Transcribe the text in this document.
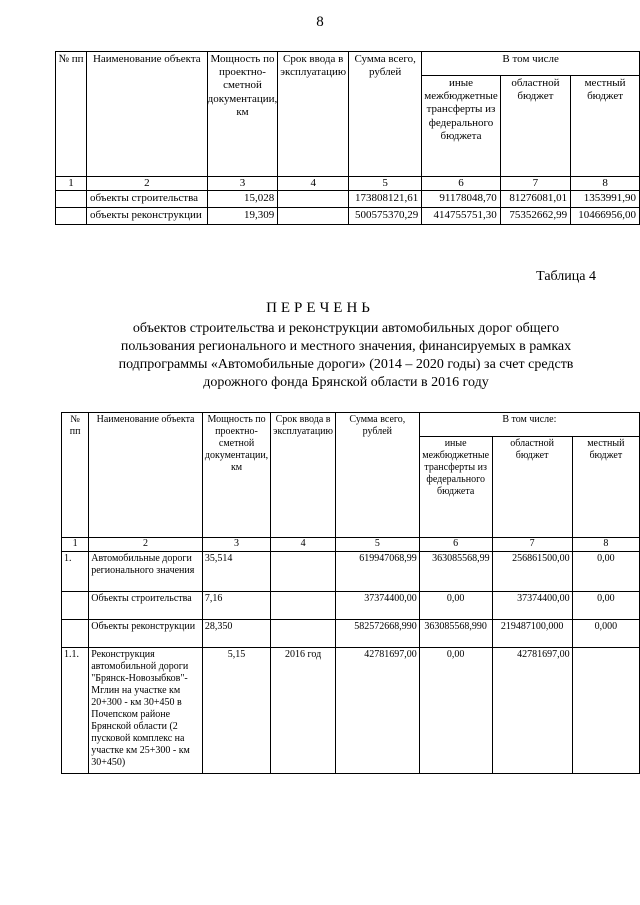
8
№ пп	Наименование объекта	Мощность по проектно-сметной документации, км	Срок ввода в эксплуатацию	Сумма всего, рублей	В том числе		
					иные межбюджетные трансферты из федерального бюджета	областной бюджет	местный бюджет
1	2	3	4	5	6	7	8
	объекты строительства	15,028		173808121,61	91178048,70	81276081,01	1353991,90
	объекты реконструкции	19,309		500575370,29	414755751,30	75352662,99	10466956,00
Таблица 4
ПЕРЕЧЕНЬ
объектов строительства и реконструкции автомобильных дорог общего пользования регионального и местного значения, финансируемых в рамках подпрограммы «Автомобильные дороги» (2014 – 2020 годы) за счет средств дорожного фонда Брянской области в 2016 году
№ пп	Наименование объекта	Мощность по проектно-сметной документации, км	Срок ввода в эксплуатацию	Сумма всего, рублей	В том числе:		
					иные межбюджетные трансферты из федерального бюджета	областной бюджет	местный бюджет
1	2	3	4	5	6	7	8
1.	Автомобильные дороги регионального значения	35,514		619947068,99	363085568,99	256861500,00	0,00
	Объекты строительства	7,16		37374400,00	0,00	37374400,00	0,00
	Объекты реконструкции	28,350		582572668,990	363085568,990	219487100,000	0,000
1.1.	Реконструкция автомобильной дороги "Брянск-Новозыбков"-Мглин на участке км 20+300 - км 30+450 в Почепском районе Брянской области (2 пусковой комплекс на участке км 25+300 - км 30+450)	5,15	2016 год	42781697,00	0,00	42781697,00	
